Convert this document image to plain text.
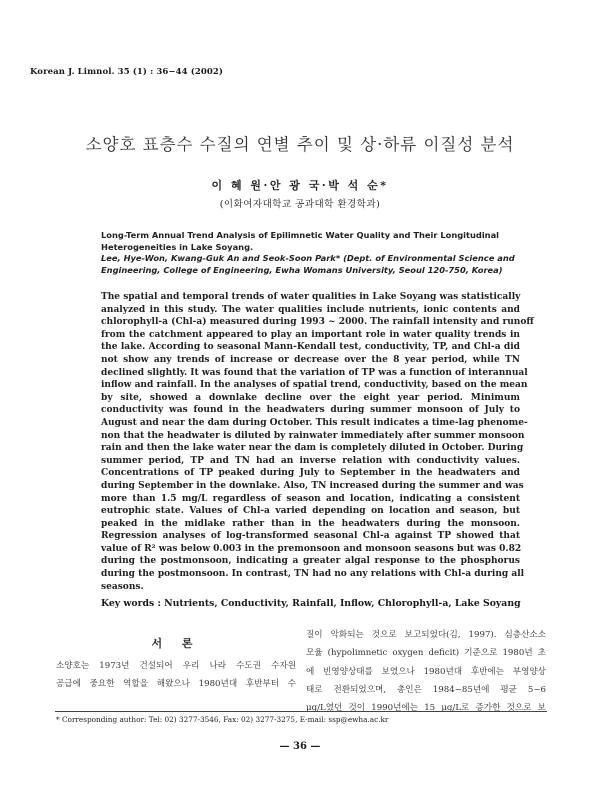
Korean J. Limnol. 35 (1) : 36−44 (2002)
소양호 표층수 수질의 연별 추이 및 상·하류 이질성 분석
이 혜 원·안 광 국·박 석 순*
(이화여자대학교 공과대학 환경학과)
Long-Term Annual Trend Analysis of Epilimnetic Water Quality and Their Longitudinal Heterogeneities in Lake Soyang.
Lee, Hye-Won, Kwang-Guk An and Seok-Soon Park* (Dept. of Environmental Science and Engineering, College of Engineering, Ewha Womans University, Seoul 120-750, Korea)
The spatial and temporal trends of water qualities in Lake Soyang was statistically
analyzed in this study. The water qualities include nutrients, ionic contents and
chlorophyll-a (Chl-a) measured during 1993 ~ 2000. The rainfall intensity and runoff
from the catchment appeared to play an important role in water quality trends in
the lake. According to seasonal Mann-Kendall test, conductivity, TP, and Chl-a did
not show any trends of increase or decrease over the 8 year period, while TN
declined slightly. It was found that the variation of TP was a function of interannual
inflow and rainfall. In the analyses of spatial trend, conductivity, based on the mean
by site, showed a downlake decline over the eight year period. Minimum
conductivity was found in the headwaters during summer monsoon of July to
August and near the dam during October. This result indicates a time-lag phenome-
non that the headwater is diluted by rainwater immediately after summer monsoon
rain and then the lake water near the dam is completely diluted in October. During
summer period, TP and TN had an inverse relation with conductivity values.
Concentrations of TP peaked during July to September in the headwaters and
during September in the downlake. Also, TN increased during the summer and was
more than 1.5 mg/L regardless of season and location, indicating a consistent
eutrophic state. Values of Chl-a varied depending on location and season, but
peaked in the midlake rather than in the headwaters during the monsoon.
Regression analyses of log-transformed seasonal Chl-a against TP showed that
value of R² was below 0.003 in the premonsoon and monsoon seasons but was 0.82
during the postmonsoon, indicating a greater algal response to the phosphorus
during the postmonsoon. In contrast, TN had no any relations with Chl-a during all
seasons.
Key words : Nutrients, Conductivity, Rainfall, Inflow, Chlorophyll-a, Lake Soyang
서 론
소양호는 1973년 건설되어 우리 나라 수도권 수자원
공급에 중요한 역할을 해왔으나 1980년대 후반부터 수
질이 악화되는 것으로 보고되었다(김, 1997). 심층산소소
모율 (hypolimnetic oxygen deficit) 기준으로 1980년 초
에 빈영양상태를 보였으나 1980년대 후반에는 부영양상
태로 전환되었으며, 총인은 1984~85년에 평균 5~6
µg/L였던 것이 1990년에는 15 µg/L로 증가한 것으로 보
* Corresponding author: Tel: 02) 3277-3546, Fax: 02) 3277-3275, E-mail: ssp@ewha.ac.kr
— 36 —
